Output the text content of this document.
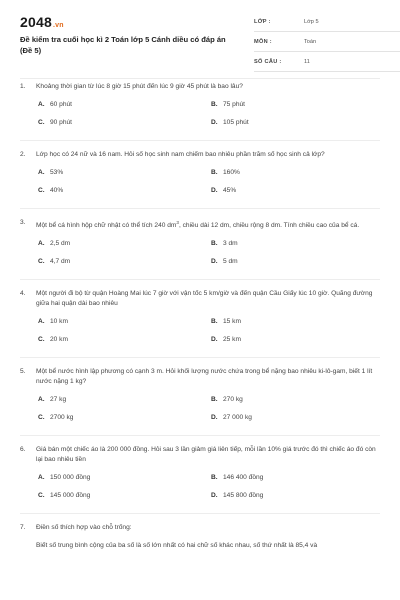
2048.vn
Đề kiểm tra cuối học kì 2 Toán lớp 5 Cánh diều có đáp án (Đề 5)
LỚP :	Lớp 5
MÔN :	Toán
SỐ CÂU :	11
1. Khoảng thời gian từ lúc 8 giờ 15 phút đến lúc 9 giờ 45 phút là bao lâu?
A. 60 phút	B. 75 phút
C. 90 phút	D. 105 phút
2. Lớp học có 24 nữ và 16 nam. Hỏi số học sinh nam chiếm bao nhiêu phần trăm số học sinh cả lớp?
A. 53%	B. 160%
C. 40%	D. 45%
3. Một bể cá hình hộp chữ nhật có thể tích 240 $dm^3$, chiều dài 12 dm, chiều rộng 8 dm. Tính chiều cao của bể cá.
A. 2,5 dm	B. 3 dm
C. 4,7 dm	D. 5 dm
4. Một người đi bộ từ quận Hoàng Mai lúc 7 giờ với vận tốc 5 km/giờ và đến quận Cầu Giấy lúc 10 giờ. Quãng đường giữa hai quận dài bao nhiêu
A. 10 km	B. 15 km
C. 20 km	D. 25 km
5. Một bể nước hình lập phương có cạnh 3 m. Hỏi khối lượng nước chứa trong bể nặng bao nhiêu ki-lô-gam, biết 1 lít nước nặng 1 kg?
A. 27 kg	B. 270 kg
C. 2700 kg	D. 27 000 kg
6. Giá bán một chiếc áo là 200 000 đồng. Hỏi sau 3 lần giảm giá liên tiếp, mỗi lần 10% giá trước đó thì chiếc áo đó còn lại bao nhiêu tiền
A. 150 000 đồng	B. 146 400 đồng
C. 145 000 đồng	D. 145 800 đồng
7. Điền số thích hợp vào chỗ trống:
Biết số trung bình cộng của ba số là số lớn nhất có hai chữ số khác nhau, số thứ nhất là 85,4 và
